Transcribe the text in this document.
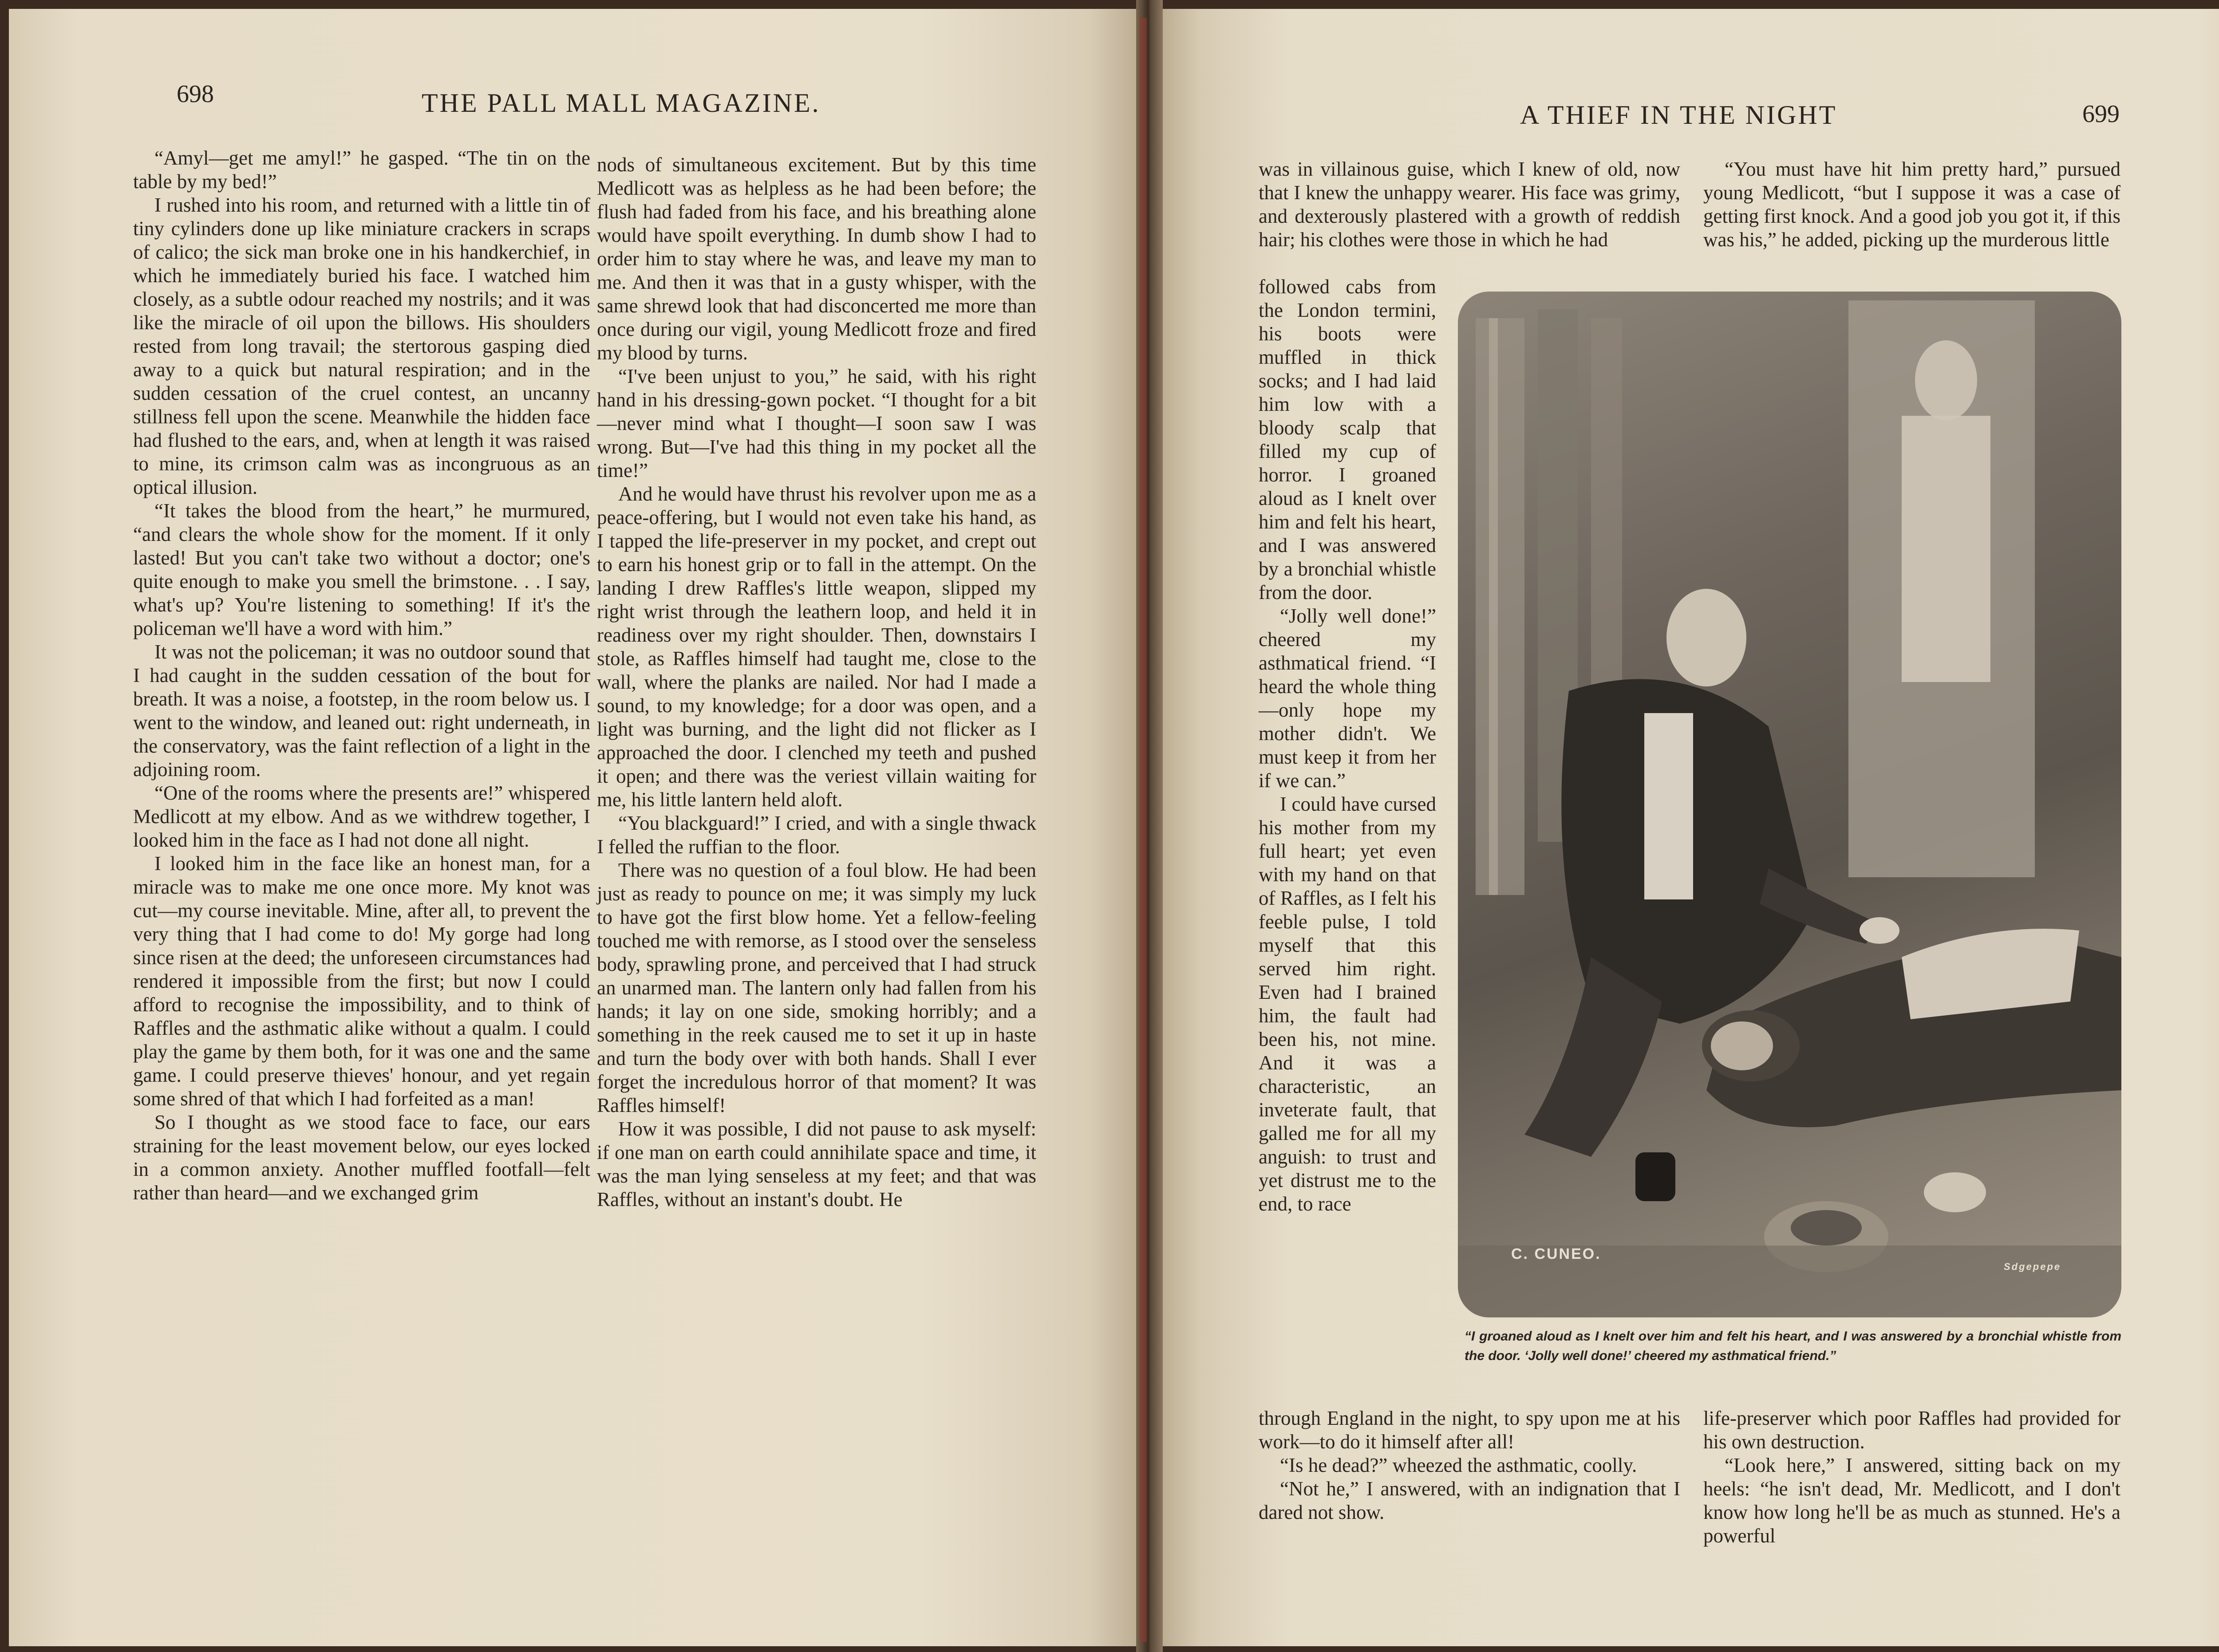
698	THE PALL MALL MAGAZINE.

“Amyl—get me amyl!” he gasped. “The tin on the table by my bed!”

I rushed into his room, and returned with a little tin of tiny cylinders done up like miniature crackers in scraps of calico; the sick man broke one in his handkerchief, in which he immediately buried his face. I watched him closely, as a subtle odour reached my nostrils; and it was like the miracle of oil upon the billows. His shoulders rested from long travail; the stertorous gasping died away to a quick but natural respiration; and in the sudden cessation of the cruel contest, an uncanny stillness fell upon the scene. Meanwhile the hidden face had flushed to the ears, and, when at length it was raised to mine, its crimson calm was as incongruous as an optical illusion.

“It takes the blood from the heart,” he murmured, “and clears the whole show for the moment. If it only lasted! But you can't take two without a doctor; one's quite enough to make you smell the brimstone. . . I say, what's up? You're listening to something! If it's the policeman we'll have a word with him.”

It was not the policeman; it was no outdoor sound that I had caught in the sudden cessation of the bout for breath. It was a noise, a footstep, in the room below us. I went to the window, and leaned out: right underneath, in the conservatory, was the faint reflection of a light in the adjoining room.

“One of the rooms where the presents are!” whispered Medlicott at my elbow. And as we withdrew together, I looked him in the face as I had not done all night.

I looked him in the face like an honest man, for a miracle was to make me one once more. My knot was cut—my course inevitable. Mine, after all, to prevent the very thing that I had come to do! My gorge had long since risen at the deed; the unforeseen circumstances had rendered it impossible from the first; but now I could afford to recognise the impossibility, and to think of Raffles and the asthmatic alike without a qualm. I could play the game by them both, for it was one and the same game. I could preserve thieves' honour, and yet regain some shred of that which I had forfeited as a man!

So I thought as we stood face to face, our ears straining for the least movement below, our eyes locked in a common anxiety. Another muffled footfall—felt rather than heard—and we exchanged grim

nods of simultaneous excitement. But by this time Medlicott was as helpless as he had been before; the flush had faded from his face, and his breathing alone would have spoilt everything. In dumb show I had to order him to stay where he was, and leave my man to me. And then it was that in a gusty whisper, with the same shrewd look that had disconcerted me more than once during our vigil, young Medlicott froze and fired my blood by turns.

“I've been unjust to you,” he said, with his right hand in his dressing-gown pocket. “I thought for a bit—never mind what I thought—I soon saw I was wrong. But—I've had this thing in my pocket all the time!”

And he would have thrust his revolver upon me as a peace-offering, but I would not even take his hand, as I tapped the life-preserver in my pocket, and crept out to earn his honest grip or to fall in the attempt. On the landing I drew Raffles's little weapon, slipped my right wrist through the leathern loop, and held it in readiness over my right shoulder. Then, downstairs I stole, as Raffles himself had taught me, close to the wall, where the planks are nailed. Nor had I made a sound, to my knowledge; for a door was open, and a light was burning, and the light did not flicker as I approached the door. I clenched my teeth and pushed it open; and there was the veriest villain waiting for me, his little lantern held aloft.

“You blackguard!” I cried, and with a single thwack I felled the ruffian to the floor.

There was no question of a foul blow. He had been just as ready to pounce on me; it was simply my luck to have got the first blow home. Yet a fellow-feeling touched me with remorse, as I stood over the senseless body, sprawling prone, and perceived that I had struck an unarmed man. The lantern only had fallen from his hands; it lay on one side, smoking horribly; and a something in the reek caused me to set it up in haste and turn the body over with both hands. Shall I ever forget the incredulous horror of that moment? It was Raffles himself!

How it was possible, I did not pause to ask myself: if one man on earth could annihilate space and time, it was the man lying senseless at my feet; and that was Raffles, without an instant's doubt. He

A THIEF IN THE NIGHT	699

was in villainous guise, which I knew of old, now that I knew the unhappy wearer. His face was grimy, and dexterously plastered with a growth of reddish hair; his clothes were those in which he had

followed cabs from the London termini, his boots were muffled in thick socks; and I had laid him low with a bloody scalp that filled my cup of horror. I groaned aloud as I knelt over him and felt his heart, and I was answered by a bronchial whistle from the door.

“Jolly well done!” cheered my asthmatical friend. “I heard the whole thing—only hope my mother didn't. We must keep it from her if we can.”

I could have cursed his mother from my full heart; yet even with my hand on that of Raffles, as I felt his feeble pulse, I told myself that this served him right. Even had I brained him, the fault had been his, not mine. And it was a characteristic, an inveterate fault, that galled me for all my anguish: to trust and yet distrust me to the end, to race

through England in the night, to spy upon me at his work—to do it himself after all!

“Is he dead?” wheezed the asthmatic, coolly.

“Not he,” I answered, with an indignation that I dared not show.

“You must have hit him pretty hard,” pursued young Medlicott, “but I suppose it was a case of getting first knock. And a good job you got it, if this was his,” he added, picking up the murderous little

life-preserver which poor Raffles had provided for his own destruction.

“Look here,” I answered, sitting back on my heels: “he isn't dead, Mr. Medlicott, and I don't know how long he'll be as much as stunned. He's a powerful

C. CUNEO.
Sdgepepe
“I groaned aloud as I knelt over him and felt his heart, and I was answered by a bronchial whistle from the door. ‘Jolly well done!’ cheered my asthmatical friend.”
